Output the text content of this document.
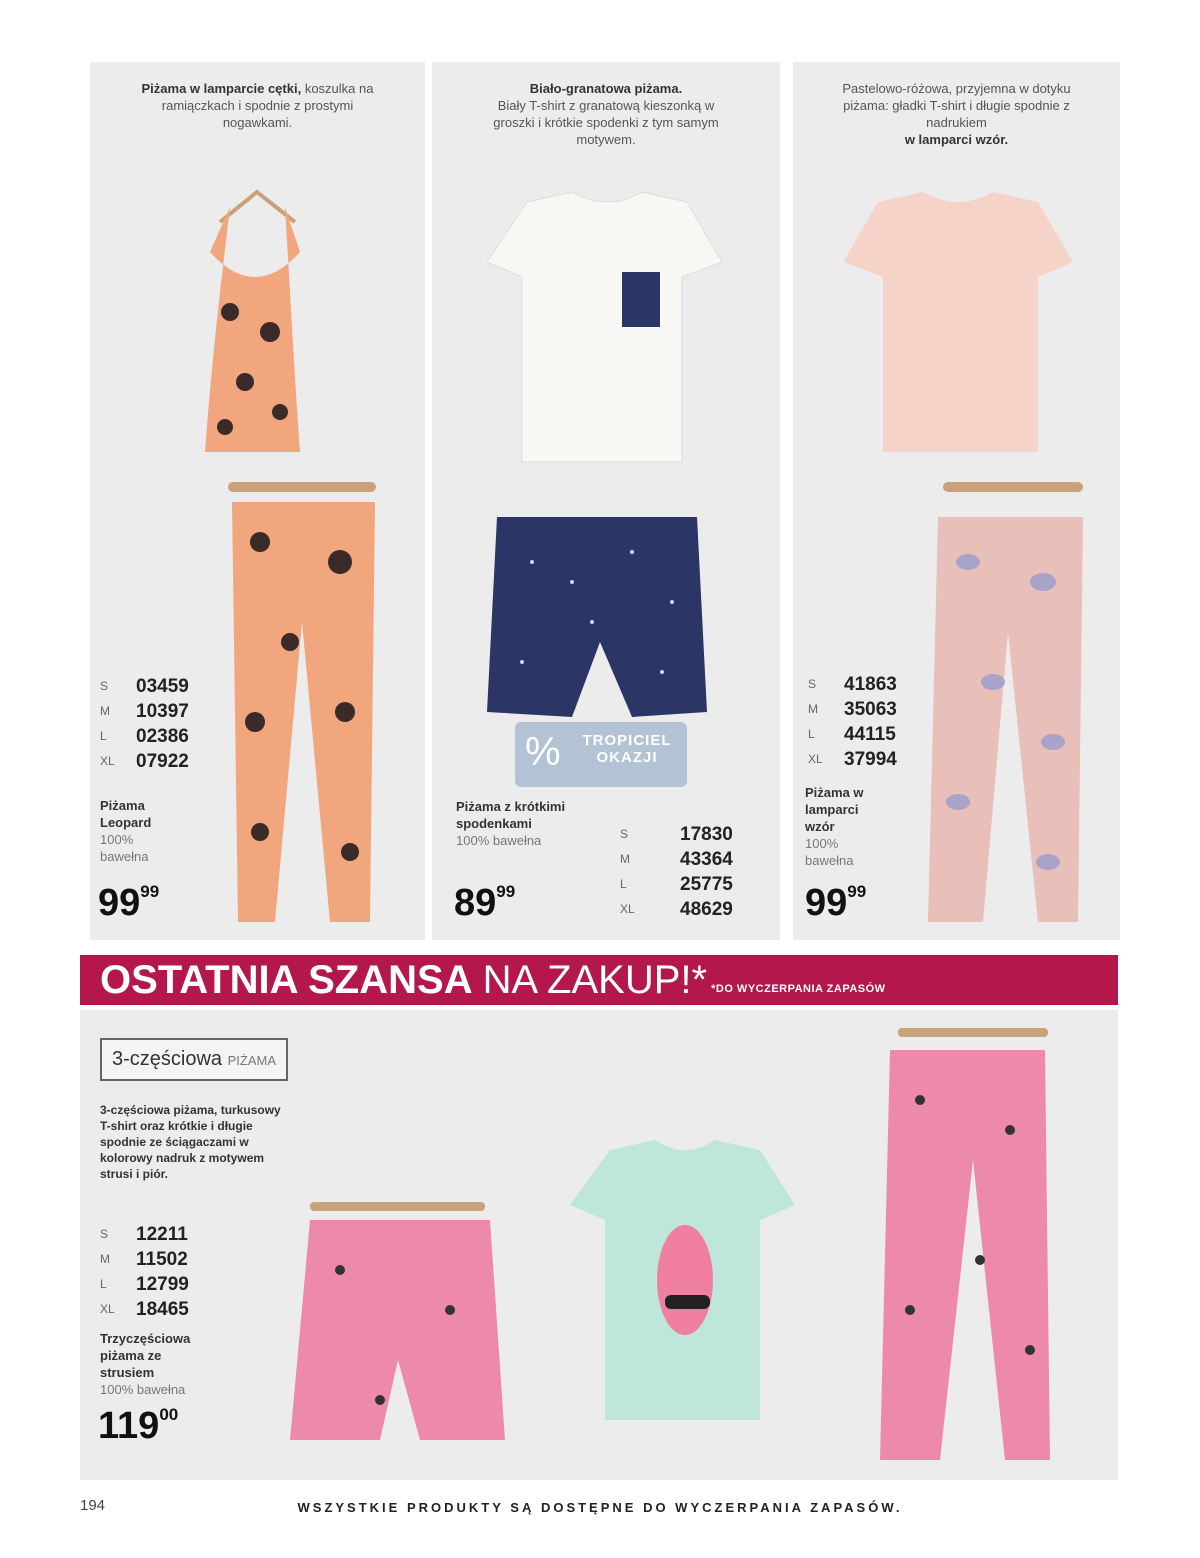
Piżama w lamparcie cętki, koszulka na ramiączkach i spodnie z prostymi nogawkami.
S	03459
M	10397
L	02386
XL	07922
Piżama Leopard
100% bawełna
$99^{99}$
Biało-granatowa piżama.
Biały T-shirt z granatową kieszonką w groszki i krótkie spodenki z tym samym motywem.
Piżama z krótkimi spodenkami
100% bawełna
$89^{99}$
S	17830
M	43364
L	25775
XL	48629
Pastelowo-różowa, przyjemna w dotyku piżama: gładki T-shirt i długie spodnie z nadrukiem
w lamparci wzór.
S	41863
M	35063
L	44115
XL	37994
Piżama w lamparci wzór
100% bawełna
$99^{99}$
%	TROPICIEL
OKAZJI
OSTATNIA SZANSA NA ZAKUP!* *DO WYCZERPANIA ZAPASÓW
3-częściowa PIŻAMA
3-częściowa piżama, turkusowy T-shirt oraz krótkie i długie spodnie ze ściągaczami w kolorowy nadruk z motywem strusi i piór.
S	12211
M	11502
L	12799
XL	18465
Trzyczęściowa piżama ze strusiem
100% bawełna
$119^{00}$
194	WSZYSTKIE PRODUKTY SĄ DOSTĘPNE DO WYCZERPANIA ZAPASÓW.
